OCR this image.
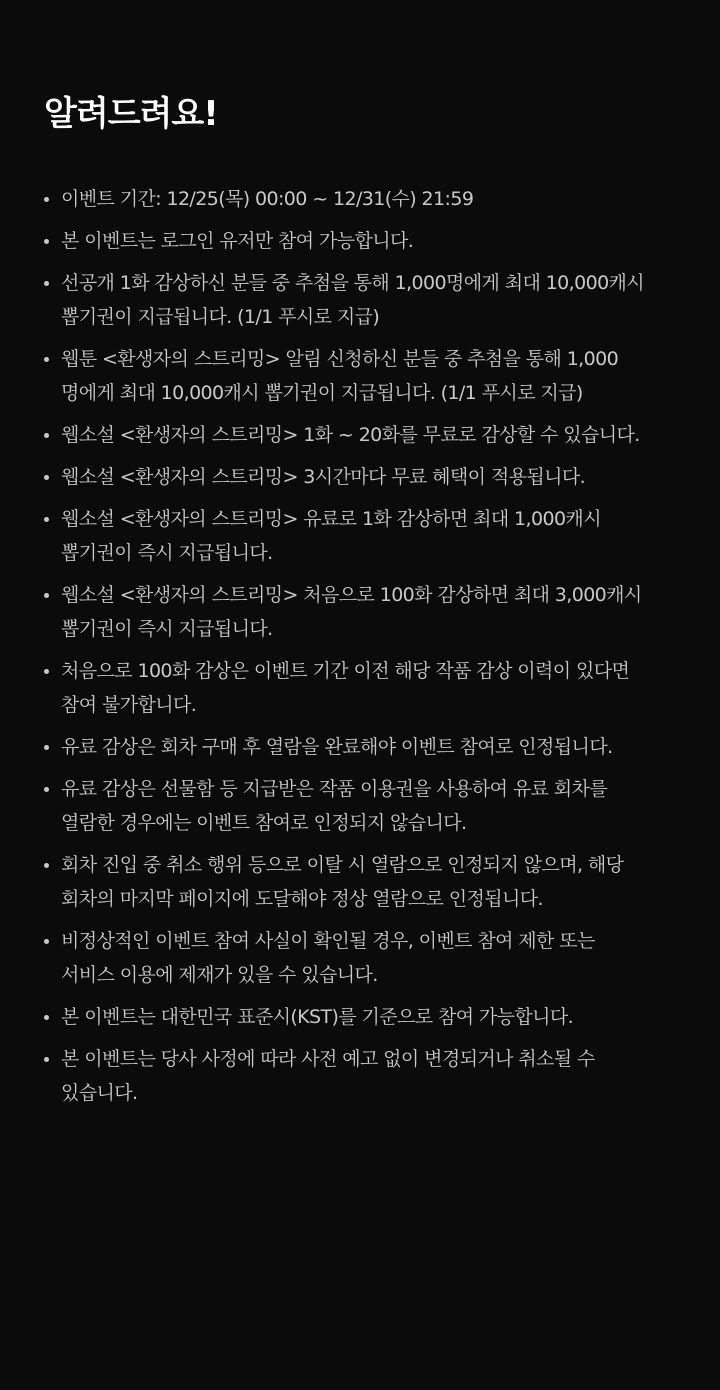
알려드려요!
이벤트 기간: 12/25(목) 00:00 ~ 12/31(수) 21:59
본 이벤트는 로그인 유저만 참여 가능합니다.
선공개 1화 감상하신 분들 중 추첨을 통해 1,000명에게 최대 10,000캐시
뽑기권이 지급됩니다. (1/1 푸시로 지급)
웹툰 <환생자의 스트리밍> 알림 신청하신 분들 중 추첨을 통해 1,000
명에게 최대 10,000캐시 뽑기권이 지급됩니다. (1/1 푸시로 지급)
웹소설 <환생자의 스트리밍> 1화 ~ 20화를 무료로 감상할 수 있습니다.
웹소설 <환생자의 스트리밍> 3시간마다 무료 혜택이 적용됩니다.
웹소설 <환생자의 스트리밍> 유료로 1화 감상하면 최대 1,000캐시
뽑기권이 즉시 지급됩니다.
웹소설 <환생자의 스트리밍> 처음으로 100화 감상하면 최대 3,000캐시
뽑기권이 즉시 지급됩니다.
처음으로 100화 감상은 이벤트 기간 이전 해당 작품 감상 이력이 있다면
참여 불가합니다.
유료 감상은 회차 구매 후 열람을 완료해야 이벤트 참여로 인정됩니다.
유료 감상은 선물함 등 지급받은 작품 이용권을 사용하여 유료 회차를
열람한 경우에는 이벤트 참여로 인정되지 않습니다.
회차 진입 중 취소 행위 등으로 이탈 시 열람으로 인정되지 않으며, 해당
회차의 마지막 페이지에 도달해야 정상 열람으로 인정됩니다.
비정상적인 이벤트 참여 사실이 확인될 경우, 이벤트 참여 제한 또는
서비스 이용에 제재가 있을 수 있습니다.
본 이벤트는 대한민국 표준시(KST)를 기준으로 참여 가능합니다.
본 이벤트는 당사 사정에 따라 사전 예고 없이 변경되거나 취소될 수
있습니다.
